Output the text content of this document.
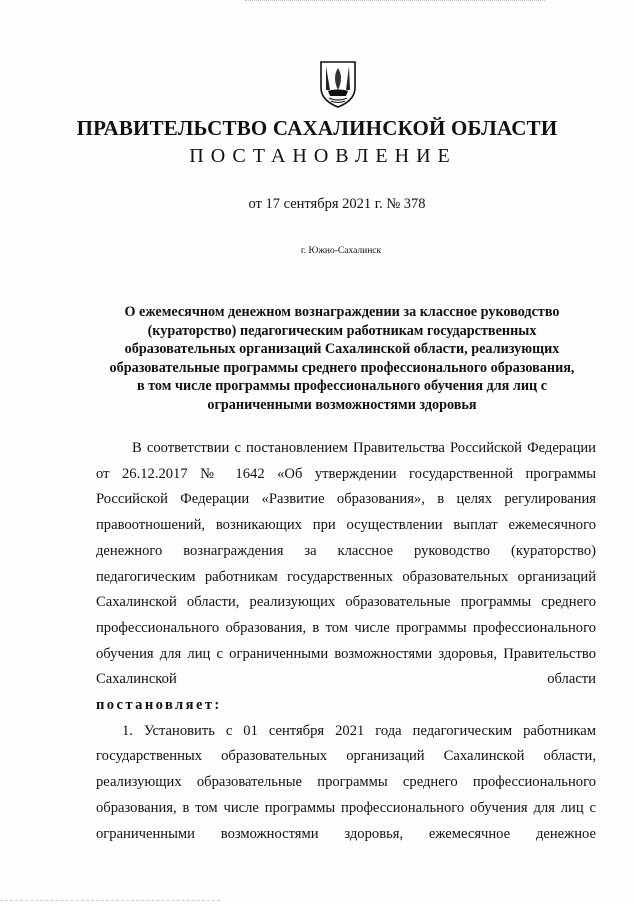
ПРАВИТЕЛЬСТВО САХАЛИНСКОЙ ОБЛАСТИ
ПОСТАНОВЛЕНИЕ
от 17 сентября 2021 г. № 378
г. Южно-Сахалинск
О ежемесячном денежном вознаграждении за классное руководство
(кураторство) педагогическим работникам государственных
образовательных организаций Сахалинской области, реализующих
образовательные программы среднего профессионального образования,
в том числе программы профессионального обучения для лиц с
ограниченными возможностями здоровья

В соответствии с постановлением Правительства Российской Федерации от 26.12.2017 № 1642 «Об утверждении государственной программы Российской Федерации «Развитие образования», в целях регулирования правоотношений, возникающих при осуществлении выплат ежемесячного денежного вознаграждения за классное руководство (кураторство) педагогическим работникам государственных образовательных организаций Сахалинской области, реализующих образовательные программы среднего профессионального образования, в том числе программы профессионального обучения для лиц с ограниченными возможностями здоровья, Правительство Сахалинской области

постановляет:

1. Установить с 01 сентября 2021 года педагогическим работникам государственных образовательных организаций Сахалинской области, реализующих образовательные программы среднего профессионального образования, в том числе программы профессионального обучения для лиц с ограниченными возможностями здоровья, ежемесячное денежное
